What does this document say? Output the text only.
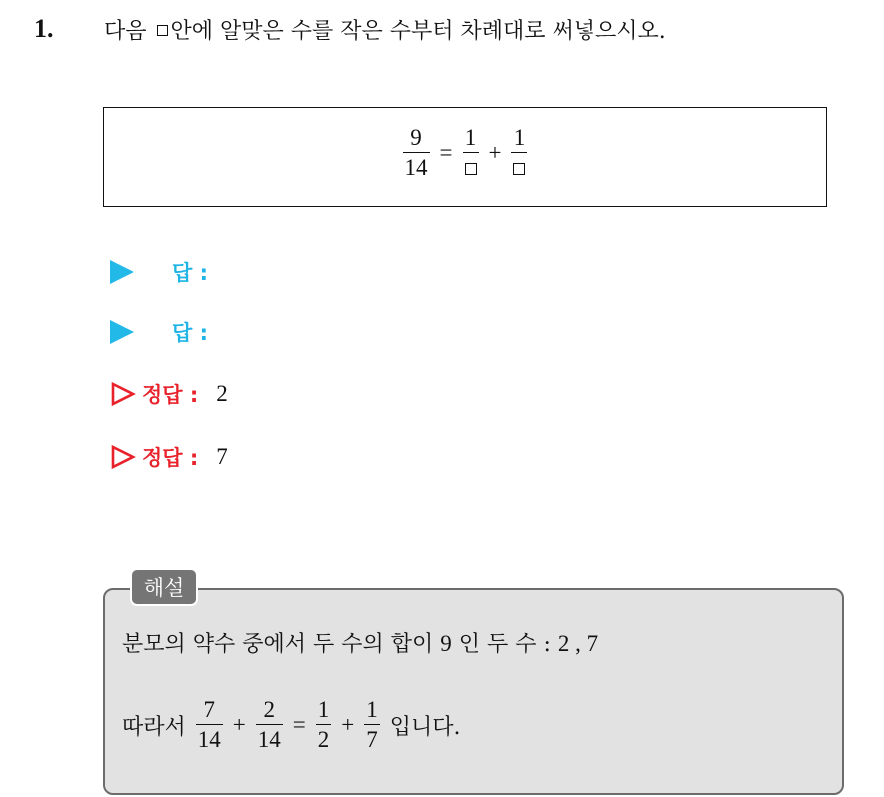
1. 다음 안에 알맞은 수를 작은 수부터 차례대로 써넣으시오.
$\frac{9}{14}$ =
1
+
1
답 :
답 :
정답 : 2
정답 : 7
해설
분모의 약수 중에서 두 수의 합이 9 인 두 수 : 2 , 7
따라서 $\frac{7}{14} + \frac{2}{14} = \frac{1}{2} + \frac{1}{7}$ 입니다.
